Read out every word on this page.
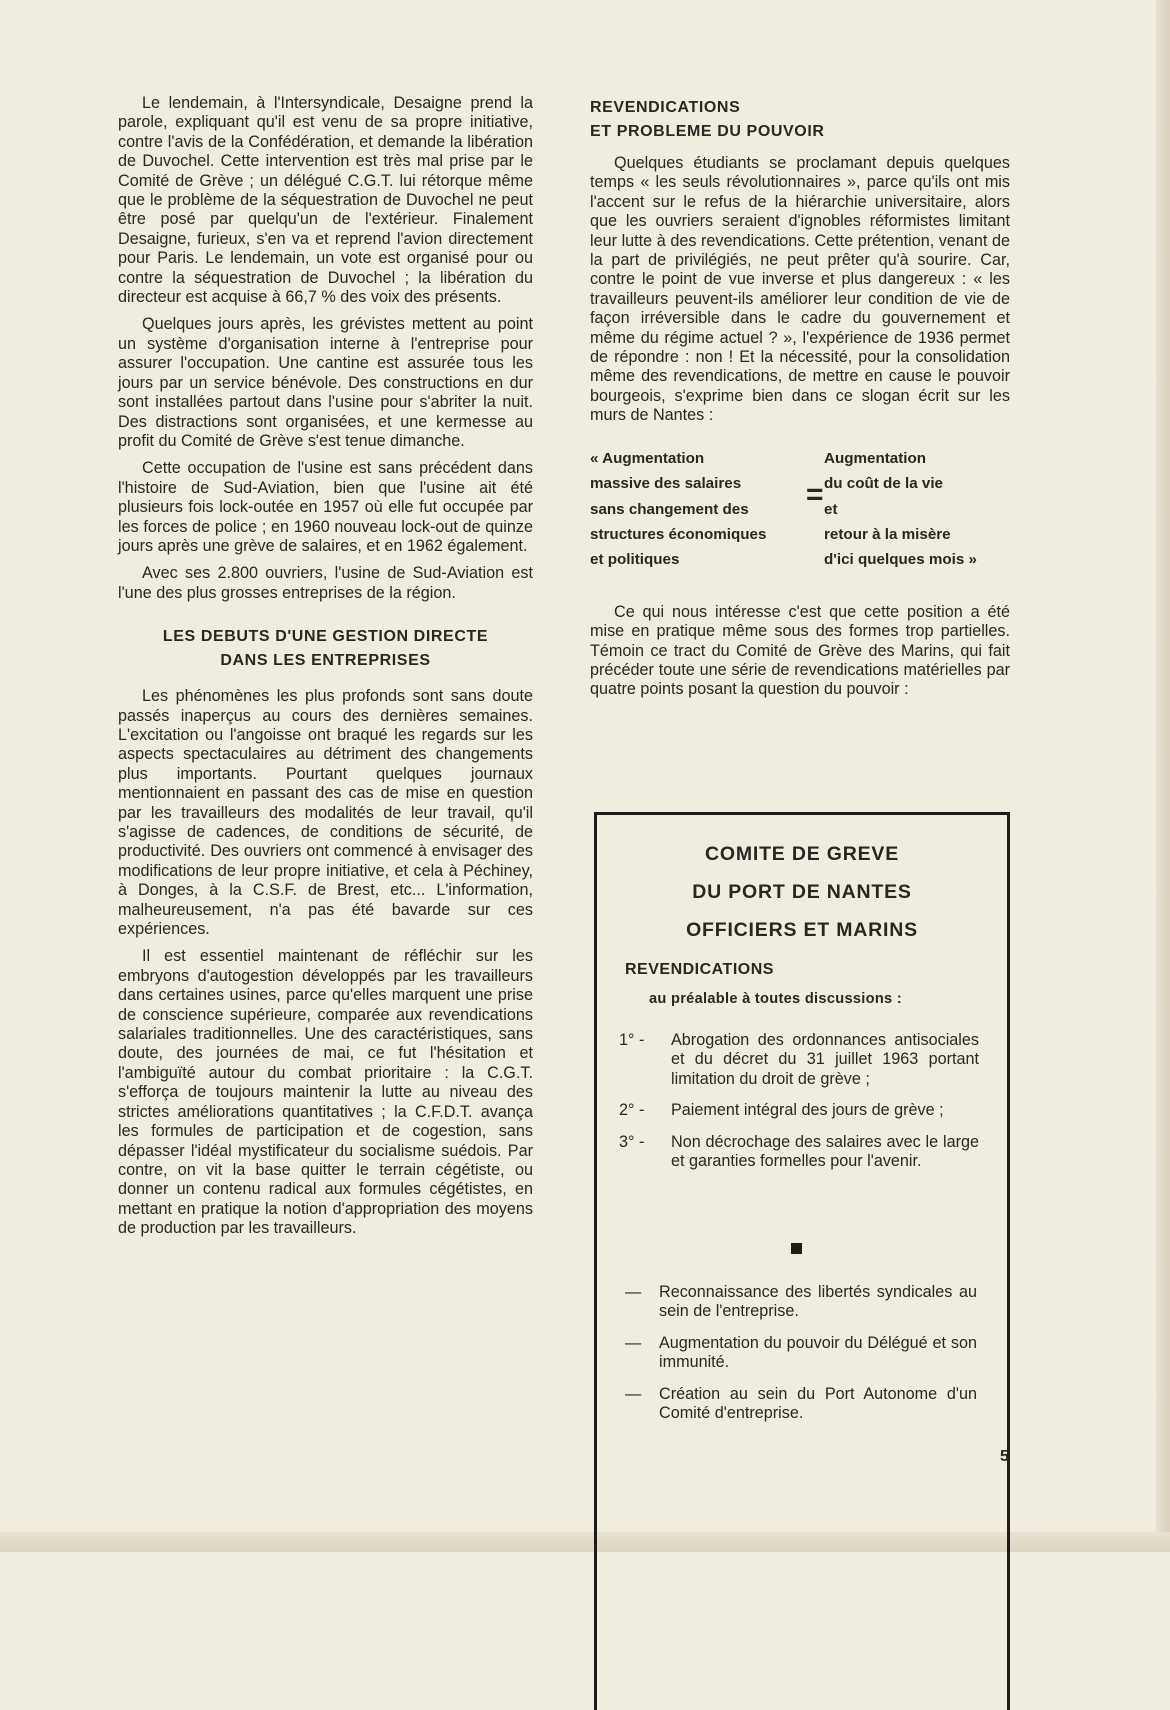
Le lendemain, à l'Intersyndicale, Desaigne prend la parole, expliquant qu'il est venu de sa propre initiative, contre l'avis de la Confédération, et demande la libération de Duvochel. Cette intervention est très mal prise par le Comité de Grève ; un délégué C.G.T. lui rétorque même que le problème de la séquestration de Duvochel ne peut être posé par quelqu'un de l'extérieur. Finalement Desaigne, furieux, s'en va et reprend l'avion directement pour Paris. Le lendemain, un vote est organisé pour ou contre la séquestration de Duvochel ; la libération du directeur est acquise à 66,7 % des voix des présents.

Quelques jours après, les grévistes mettent au point un système d'organisation interne à l'entreprise pour assurer l'occupation. Une cantine est assurée tous les jours par un service bénévole. Des constructions en dur sont installées partout dans l'usine pour s'abriter la nuit. Des distractions sont organisées, et une kermesse au profit du Comité de Grève s'est tenue dimanche.

Cette occupation de l'usine est sans précédent dans l'histoire de Sud-Aviation, bien que l'usine ait été plusieurs fois lock-outée en 1957 où elle fut occupée par les forces de police ; en 1960 nouveau lock-out de quinze jours après une grève de salaires, et en 1962 également.

Avec ses 2.800 ouvriers, l'usine de Sud-Aviation est l'une des plus grosses entreprises de la région.

LES DEBUTS D'UNE GESTION DIRECTE
DANS LES ENTREPRISES

Les phénomènes les plus profonds sont sans doute passés inaperçus au cours des dernières semaines. L'excitation ou l'angoisse ont braqué les regards sur les aspects spectaculaires au détriment des changements plus importants. Pourtant quelques journaux mentionnaient en passant des cas de mise en question par les travailleurs des modalités de leur travail, qu'il s'agisse de cadences, de conditions de sécurité, de productivité. Des ouvriers ont commencé à envisager des modifications de leur propre initiative, et cela à Péchiney, à Donges, à la C.S.F. de Brest, etc... L'information, malheureusement, n'a pas été bavarde sur ces expériences.

Il est essentiel maintenant de réfléchir sur les embryons d'autogestion développés par les travailleurs dans certaines usines, parce qu'elles marquent une prise de conscience supérieure, comparée aux revendications salariales traditionnelles. Une des caractéristiques, sans doute, des journées de mai, ce fut l'hésitation et l'ambiguïté autour du combat prioritaire : la C.G.T. s'efforça de toujours maintenir la lutte au niveau des strictes améliorations quantitatives ; la C.F.D.T. avança les formules de participation et de cogestion, sans dépasser l'idéal mystificateur du socialisme suédois. Par contre, on vit la base quitter le terrain cégétiste, ou donner un contenu radical aux formules cégétistes, en mettant en pratique la notion d'appropriation des moyens de production par les travailleurs.

REVENDICATIONS
ET PROBLEME DU POUVOIR

Quelques étudiants se proclamant depuis quelques temps « les seuls révolutionnaires », parce qu'ils ont mis l'accent sur le refus de la hiérarchie universitaire, alors que les ouvriers seraient d'ignobles réformistes limitant leur lutte à des revendications. Cette prétention, venant de la part de privilégiés, ne peut prêter qu'à sourire. Car, contre le point de vue inverse et plus dangereux : « les travailleurs peuvent-ils améliorer leur condition de vie de façon irréversible dans le cadre du gouvernement et même du régime actuel ? », l'expérience de 1936 permet de répondre : non ! Et la nécessité, pour la consolidation même des revendications, de mettre en cause le pouvoir bourgeois, s'exprime bien dans ce slogan écrit sur les murs de Nantes :

« Augmentation
massive des salaires
sans changement des
structures économiques
et politiques
=
Augmentation
du coût de la vie
et
retour à la misère
d'ici quelques mois »

Ce qui nous intéresse c'est que cette position a été mise en pratique même sous des formes trop partielles. Témoin ce tract du Comité de Grève des Marins, qui fait précéder toute une série de revendications matérielles par quatre points posant la question du pouvoir :

COMITE DE GREVE
DU PORT DE NANTES
OFFICIERS ET MARINS
REVENDICATIONS
au préalable à toutes discussions :
1° -	Abrogation des ordonnances antisociales et du décret du 31 juillet 1963 portant limitation du droit de grève ;
2° -	Paiement intégral des jours de grève ;
3° -	Non décrochage des salaires avec le large et garanties formelles pour l'avenir.
—	Reconnaissance des libertés syndicales au sein de l'entreprise.
—	Augmentation du pouvoir du Délégué et son immunité.
—	Création au sein du Port Autonome d'un Comité d'entreprise.
5
